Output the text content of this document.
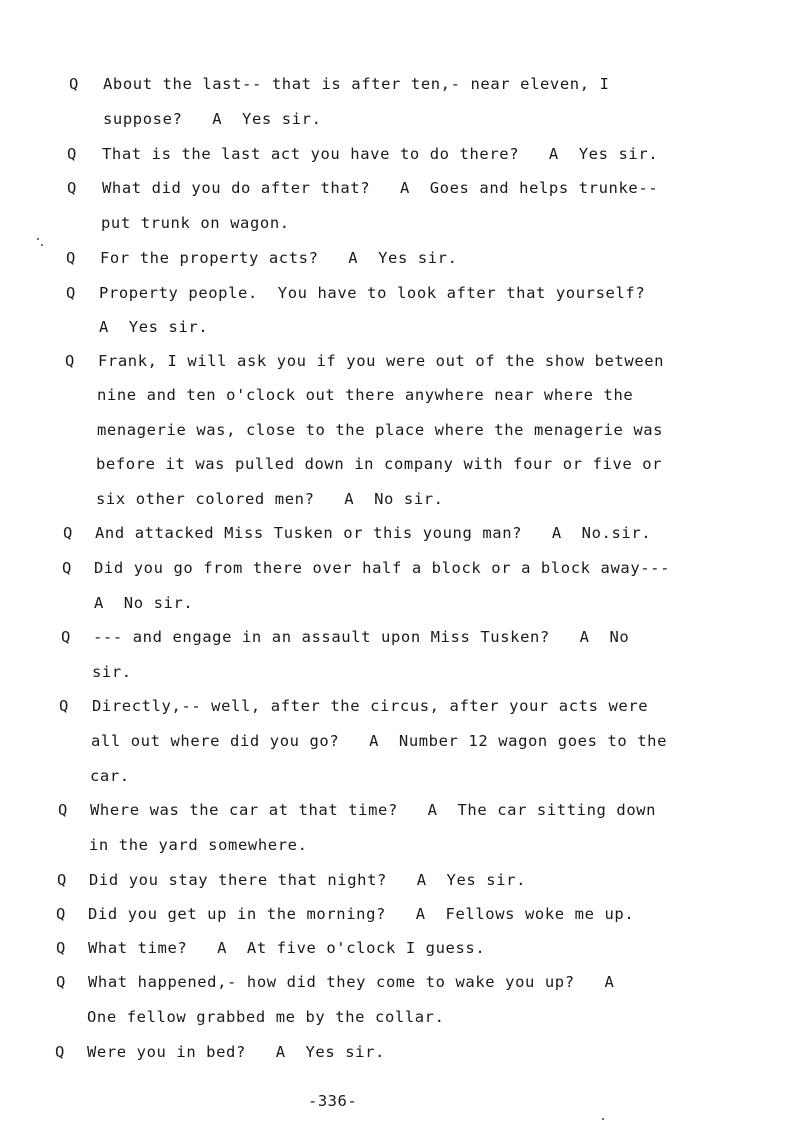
Q
Q
Q
Q
Q
Q
Q
Q
Q
Q
Q
Q
Q
Q
Q
Q
About the last-- that is after ten,- near eleven, I
suppose?   A  Yes sir.
That is the last act you have to do there?   A  Yes sir.
What did you do after that?   A  Goes and helps trunke--
put trunk on wagon.
For the property acts?   A  Yes sir.
Property people.  You have to look after that yourself?
A  Yes sir.
Frank, I will ask you if you were out of the show between
nine and ten o'clock out there anywhere near where the
menagerie was, close to the place where the menagerie was
before it was pulled down in company with four or five or
six other colored men?   A  No sir.
And attacked Miss Tusken or this young man?   A  No.sir.
Did you go from there over half a block or a block away---
A  No sir.
--- and engage in an assault upon Miss Tusken?   A  No
sir.
Directly,-- well, after the circus, after your acts were
all out where did you go?   A  Number 12 wagon goes to the
car.
Where was the car at that time?   A  The car sitting down
in the yard somewhere.
Did you stay there that night?   A  Yes sir.
Did you get up in the morning?   A  Fellows woke me up.
What time?   A  At five o'clock I guess.
What happened,- how did they come to wake you up?   A
One fellow grabbed me by the collar.
Were you in bed?   A  Yes sir.
-336-
